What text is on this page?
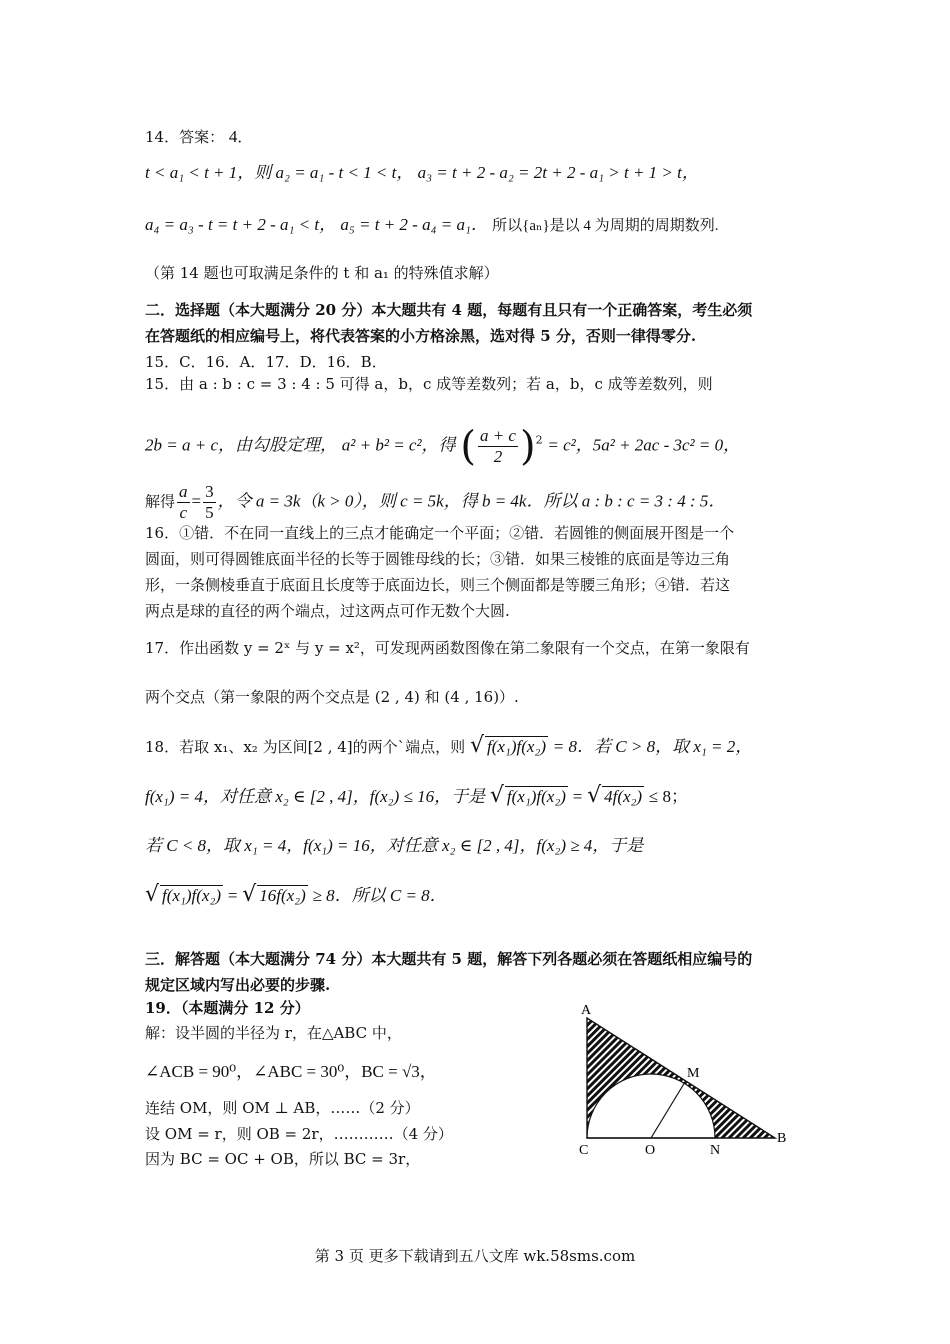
14．答案： 4．
t < a₁ < t + 1，则 a₂ = a₁ - t < 1 < t， a₃ = t + 2 - a₂ = 2t + 2 - a₁ > t + 1 > t，
a₄ = a₃ - t = t + 2 - a₁ < t， a₅ = t + 2 - a₄ = a₁． 所以{aₙ}是以 4 为周期的周期数列.
（第 14 题也可取满足条件的 t 和 a₁ 的特殊值求解）
二．选择题（本大题满分 20 分）本大题共有 4 题，每题有且只有一个正确答案，考生必须
在答题纸的相应编号上，将代表答案的小方格涂黑，选对得 5 分，否则一律得零分.
15．C．16．A．17．D．16．B．
15．由 a : b : c = 3 : 4 : 5 可得 a，b，c 成等差数列；若 a，b，c 成等差数列，则
2b = a + c，由勾股定理， a² + b² = c²，得 ( $\frac{a + c}{2} )^2 = c^2$，5a² + 2ac - 3c² = 0，
解得 $\frac{a}{c} = \frac{3}{5}$ ，令 a = 3k（k > 0），则 c = 5k，得 b = 4k．所以 a : b : c = 3 : 4 : 5．
16．①错．不在同一直线上的三点才能确定一个平面；②错．若圆锥的侧面展开图是一个
圆面，则可得圆锥底面半径的长等于圆锥母线的长；③错．如果三棱锥的底面是等边三角
形，一条侧棱垂直于底面且长度等于底面边长，则三个侧面都是等腰三角形；④错．若这
两点是球的直径的两个端点，过这两点可作无数个大圆.
17．作出函数 y = 2ˣ 与 y = x²，可发现两函数图像在第二象限有一个交点，在第一象限有
两个交点（第一象限的两个交点是 (2 , 4) 和 (4 , 16)）.
18．若取 x₁、x₂ 为区间[2 , 4]的两个`端点，则 √ f(x₁)f(x₂) = 8．若 C > 8，取 x₁ = 2，
f(x₁) = 4，对任意 x₂ ∈ [2 , 4]，f(x₂) ≤ 16，于是 √ f(x₁)f(x₂) = √ 4f(x₂) ≤ 8；
若 C < 8，取 x₁ = 4，f(x₁) = 16，对任意 x₂ ∈ [2 , 4]，f(x₂) ≥ 4，于是
√ f(x₁)f(x₂) = √ 16f(x₂) ≥ 8．所以 C = 8．
三．解答题（本大题满分 74 分）本大题共有 5 题，解答下列各题必须在答题纸相应编号的
规定区域内写出必要的步骤.
19．（本题满分 12 分）
解：设半圆的半径为 r，在△ABC 中，
∠ACB = 90⁰，∠ABC = 30⁰，BC = √3，
连结 OM，则 OM ⊥ AB，……（2 分）
设 OM = r，则 OB = 2r，…………（4 分）
因为 BC = OC + OB，所以 BC = 3r，
A
M
C	O	N
B
第 3 页 更多下载请到五八文库 wk.58sms.com
